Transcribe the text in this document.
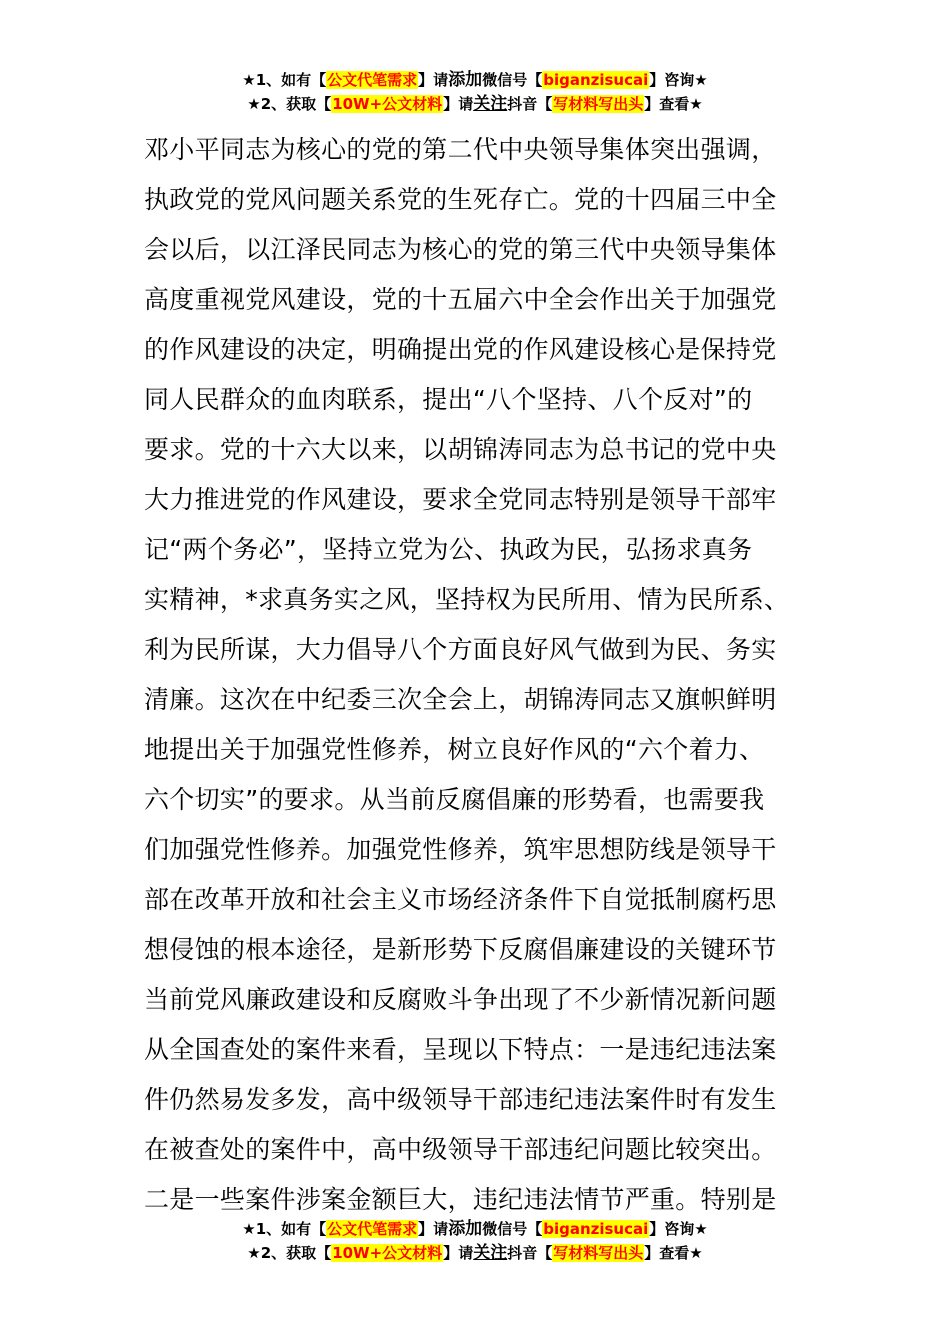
★1、如有【公文代笔需求】请添加微信号【biganzisucai】咨询★
★2、获取【10W+公文材料】请关注抖音【写材料写出头】查看★
邓小平同志为核心的党的第二代中央领导集体突出强调，
执政党的党风问题关系党的生死存亡。党的十四届三中全
会以后，以江泽民同志为核心的党的第三代中央领导集体
高度重视党风建设，党的十五届六中全会作出关于加强党
的作风建设的决定，明确提出党的作风建设核心是保持党
同人民群众的血肉联系，提出“八个坚持、八个反对”的
要求。党的十六大以来，以胡锦涛同志为总书记的党中央
大力推进党的作风建设，要求全党同志特别是领导干部牢
记“两个务必”，坚持立党为公、执政为民，弘扬求真务
实精神，*求真务实之风，坚持权为民所用、情为民所系、
利为民所谋，大力倡导八个方面良好风气做到为民、务实
清廉。这次在中纪委三次全会上，胡锦涛同志又旗帜鲜明
地提出关于加强党性修养，树立良好作风的“六个着力、
六个切实”的要求。从当前反腐倡廉的形势看，也需要我
们加强党性修养。加强党性修养，筑牢思想防线是领导干
部在改革开放和社会主义市场经济条件下自觉抵制腐朽思
想侵蚀的根本途径，是新形势下反腐倡廉建设的关键环节
当前党风廉政建设和反腐败斗争出现了不少新情况新问题
从全国查处的案件来看，呈现以下特点：一是违纪违法案
件仍然易发多发，高中级领导干部违纪违法案件时有发生
在被查处的案件中，高中级领导干部违纪问题比较突出。
二是一些案件涉案金额巨大，违纪违法情节严重。特别是
★1、如有【公文代笔需求】请添加微信号【biganzisucai】咨询★
★2、获取【10W+公文材料】请关注抖音【写材料写出头】查看★
